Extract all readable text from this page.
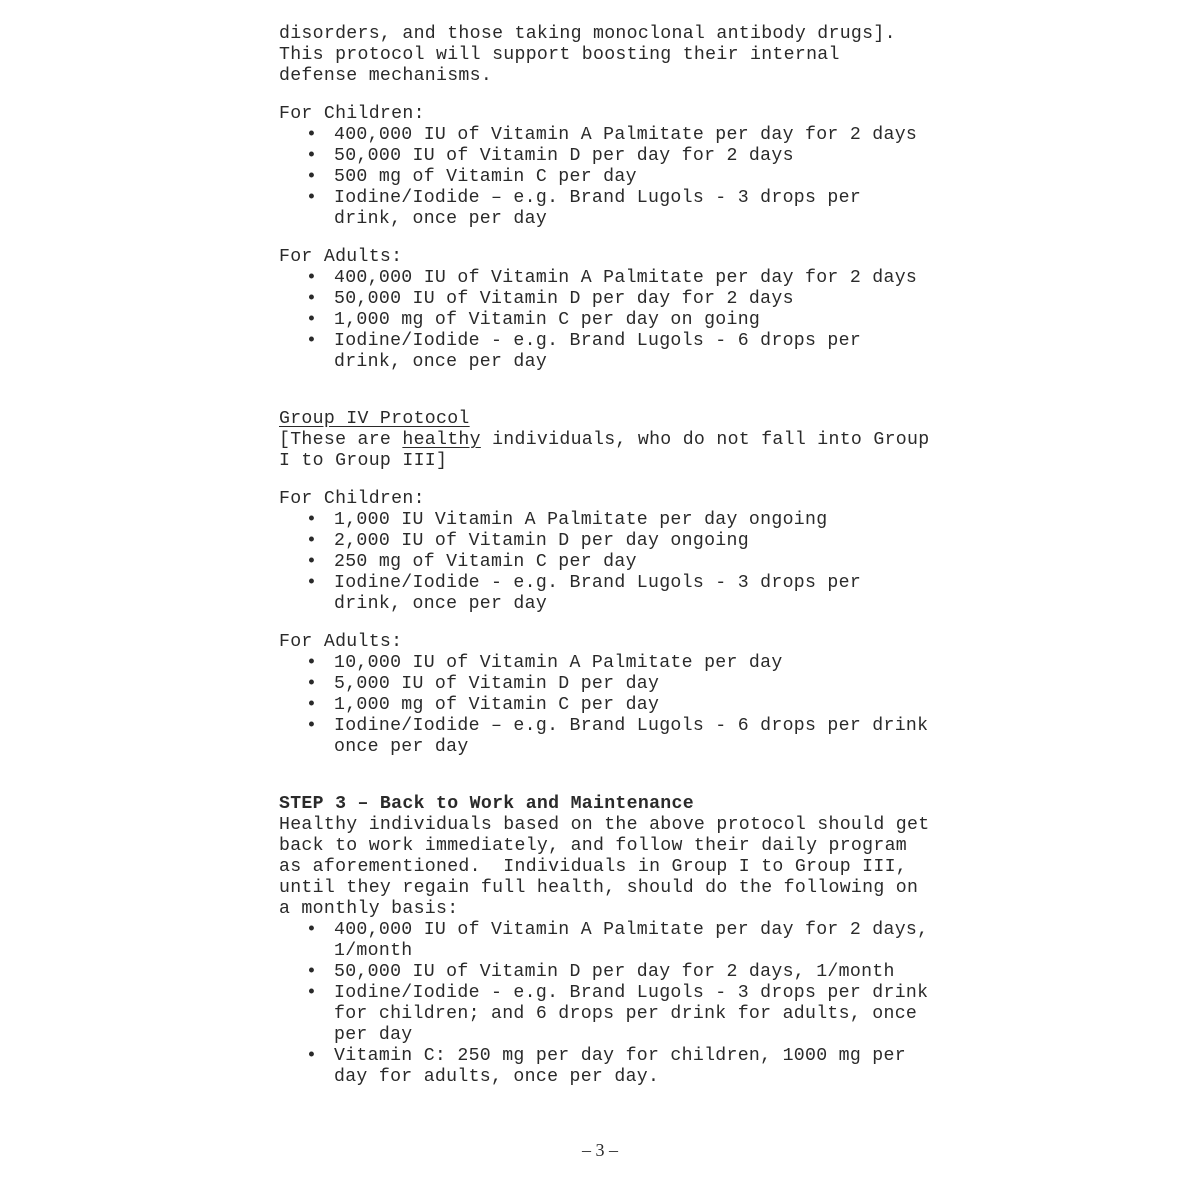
disorders, and those taking monoclonal antibody drugs].

This protocol will support boosting their internal

defense mechanisms.

For Children:

• 400,000 IU of Vitamin A Palmitate per day for 2 days
• 50,000 IU of Vitamin D per day for 2 days
• 500 mg of Vitamin C per day
• Iodine/Iodide – e.g. Brand Lugols - 3 drops per drink, once per day

For Adults:

• 400,000 IU of Vitamin A Palmitate per day for 2 days
• 50,000 IU of Vitamin D per day for 2 days
• 1,000 mg of Vitamin C per day on going
• Iodine/Iodide - e.g. Brand Lugols - 6 drops per drink, once per day

Group IV Protocol

[These are healthy individuals, who do not fall into Group I to Group III]

For Children:

• 1,000 IU Vitamin A Palmitate per day ongoing
• 2,000 IU of Vitamin D per day ongoing
• 250 mg of Vitamin C per day
• Iodine/Iodide - e.g. Brand Lugols - 3 drops per drink, once per day

For Adults:

• 10,000 IU of Vitamin A Palmitate per day
• 5,000 IU of Vitamin D per day
• 1,000 mg of Vitamin C per day
• Iodine/Iodide – e.g. Brand Lugols - 6 drops per drink once per day

STEP 3 – Back to Work and Maintenance

Healthy individuals based on the above protocol should get back to work immediately, and follow their daily program as aforementioned.  Individuals in Group I to Group III, until they regain full health, should do the following on a monthly basis:

• 400,000 IU of Vitamin A Palmitate per day for 2 days, 1/month
• 50,000 IU of Vitamin D per day for 2 days, 1/month
• Iodine/Iodide - e.g. Brand Lugols - 3 drops per drink for children; and 6 drops per drink for adults, once per day
• Vitamin C: 250 mg per day for children, 1000 mg per day for adults, once per day.
– 3 –
